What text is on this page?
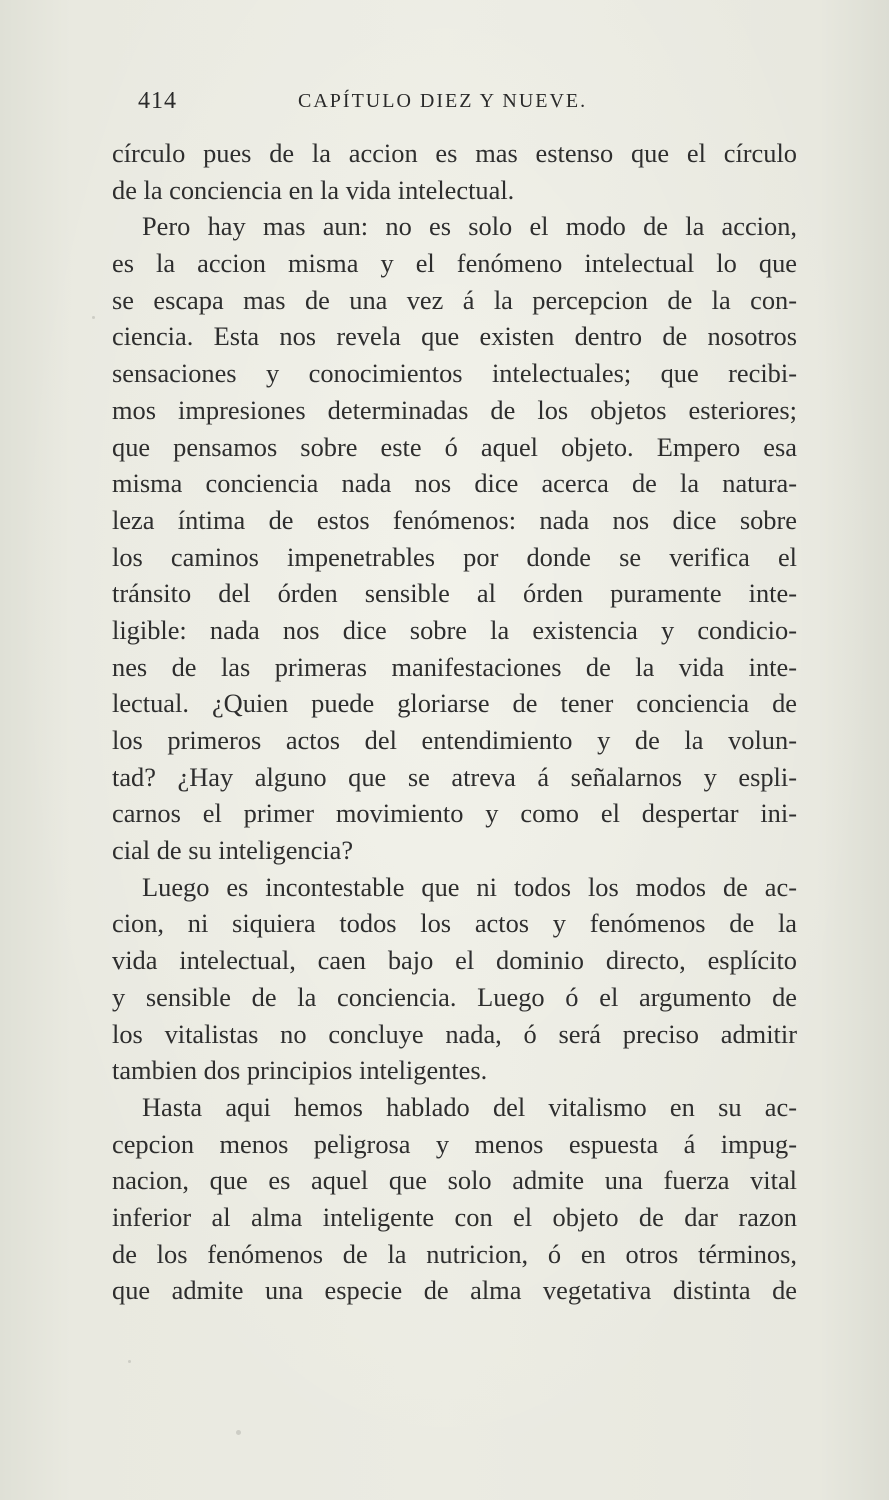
414	CAPÍTULO DIEZ Y NUEVE.
círculo pues de la accion es mas estenso que el círculo
de la conciencia en la vida intelectual.
Pero hay mas aun: no es solo el modo de la accion,
es la accion misma y el fenómeno intelectual lo que
se escapa mas de una vez á la percepcion de la con-
ciencia. Esta nos revela que existen dentro de nosotros
sensaciones y conocimientos intelectuales; que recibi-
mos impresiones determinadas de los objetos esteriores;
que pensamos sobre este ó aquel objeto. Empero esa
misma conciencia nada nos dice acerca de la natura-
leza íntima de estos fenómenos: nada nos dice sobre
los caminos impenetrables por donde se verifica el
tránsito del órden sensible al órden puramente inte-
ligible: nada nos dice sobre la existencia y condicio-
nes de las primeras manifestaciones de la vida inte-
lectual. ¿Quien puede gloriarse de tener conciencia de
los primeros actos del entendimiento y de la volun-
tad? ¿Hay alguno que se atreva á señalarnos y espli-
carnos el primer movimiento y como el despertar ini-
cial de su inteligencia?
Luego es incontestable que ni todos los modos de ac-
cion, ni siquiera todos los actos y fenómenos de la
vida intelectual, caen bajo el dominio directo, esplícito
y sensible de la conciencia. Luego ó el argumento de
los vitalistas no concluye nada, ó será preciso admitir
tambien dos principios inteligentes.
Hasta aqui hemos hablado del vitalismo en su ac-
cepcion menos peligrosa y menos espuesta á impug-
nacion, que es aquel que solo admite una fuerza vital
inferior al alma inteligente con el objeto de dar razon
de los fenómenos de la nutricion, ó en otros términos,
que admite una especie de alma vegetativa distinta de
